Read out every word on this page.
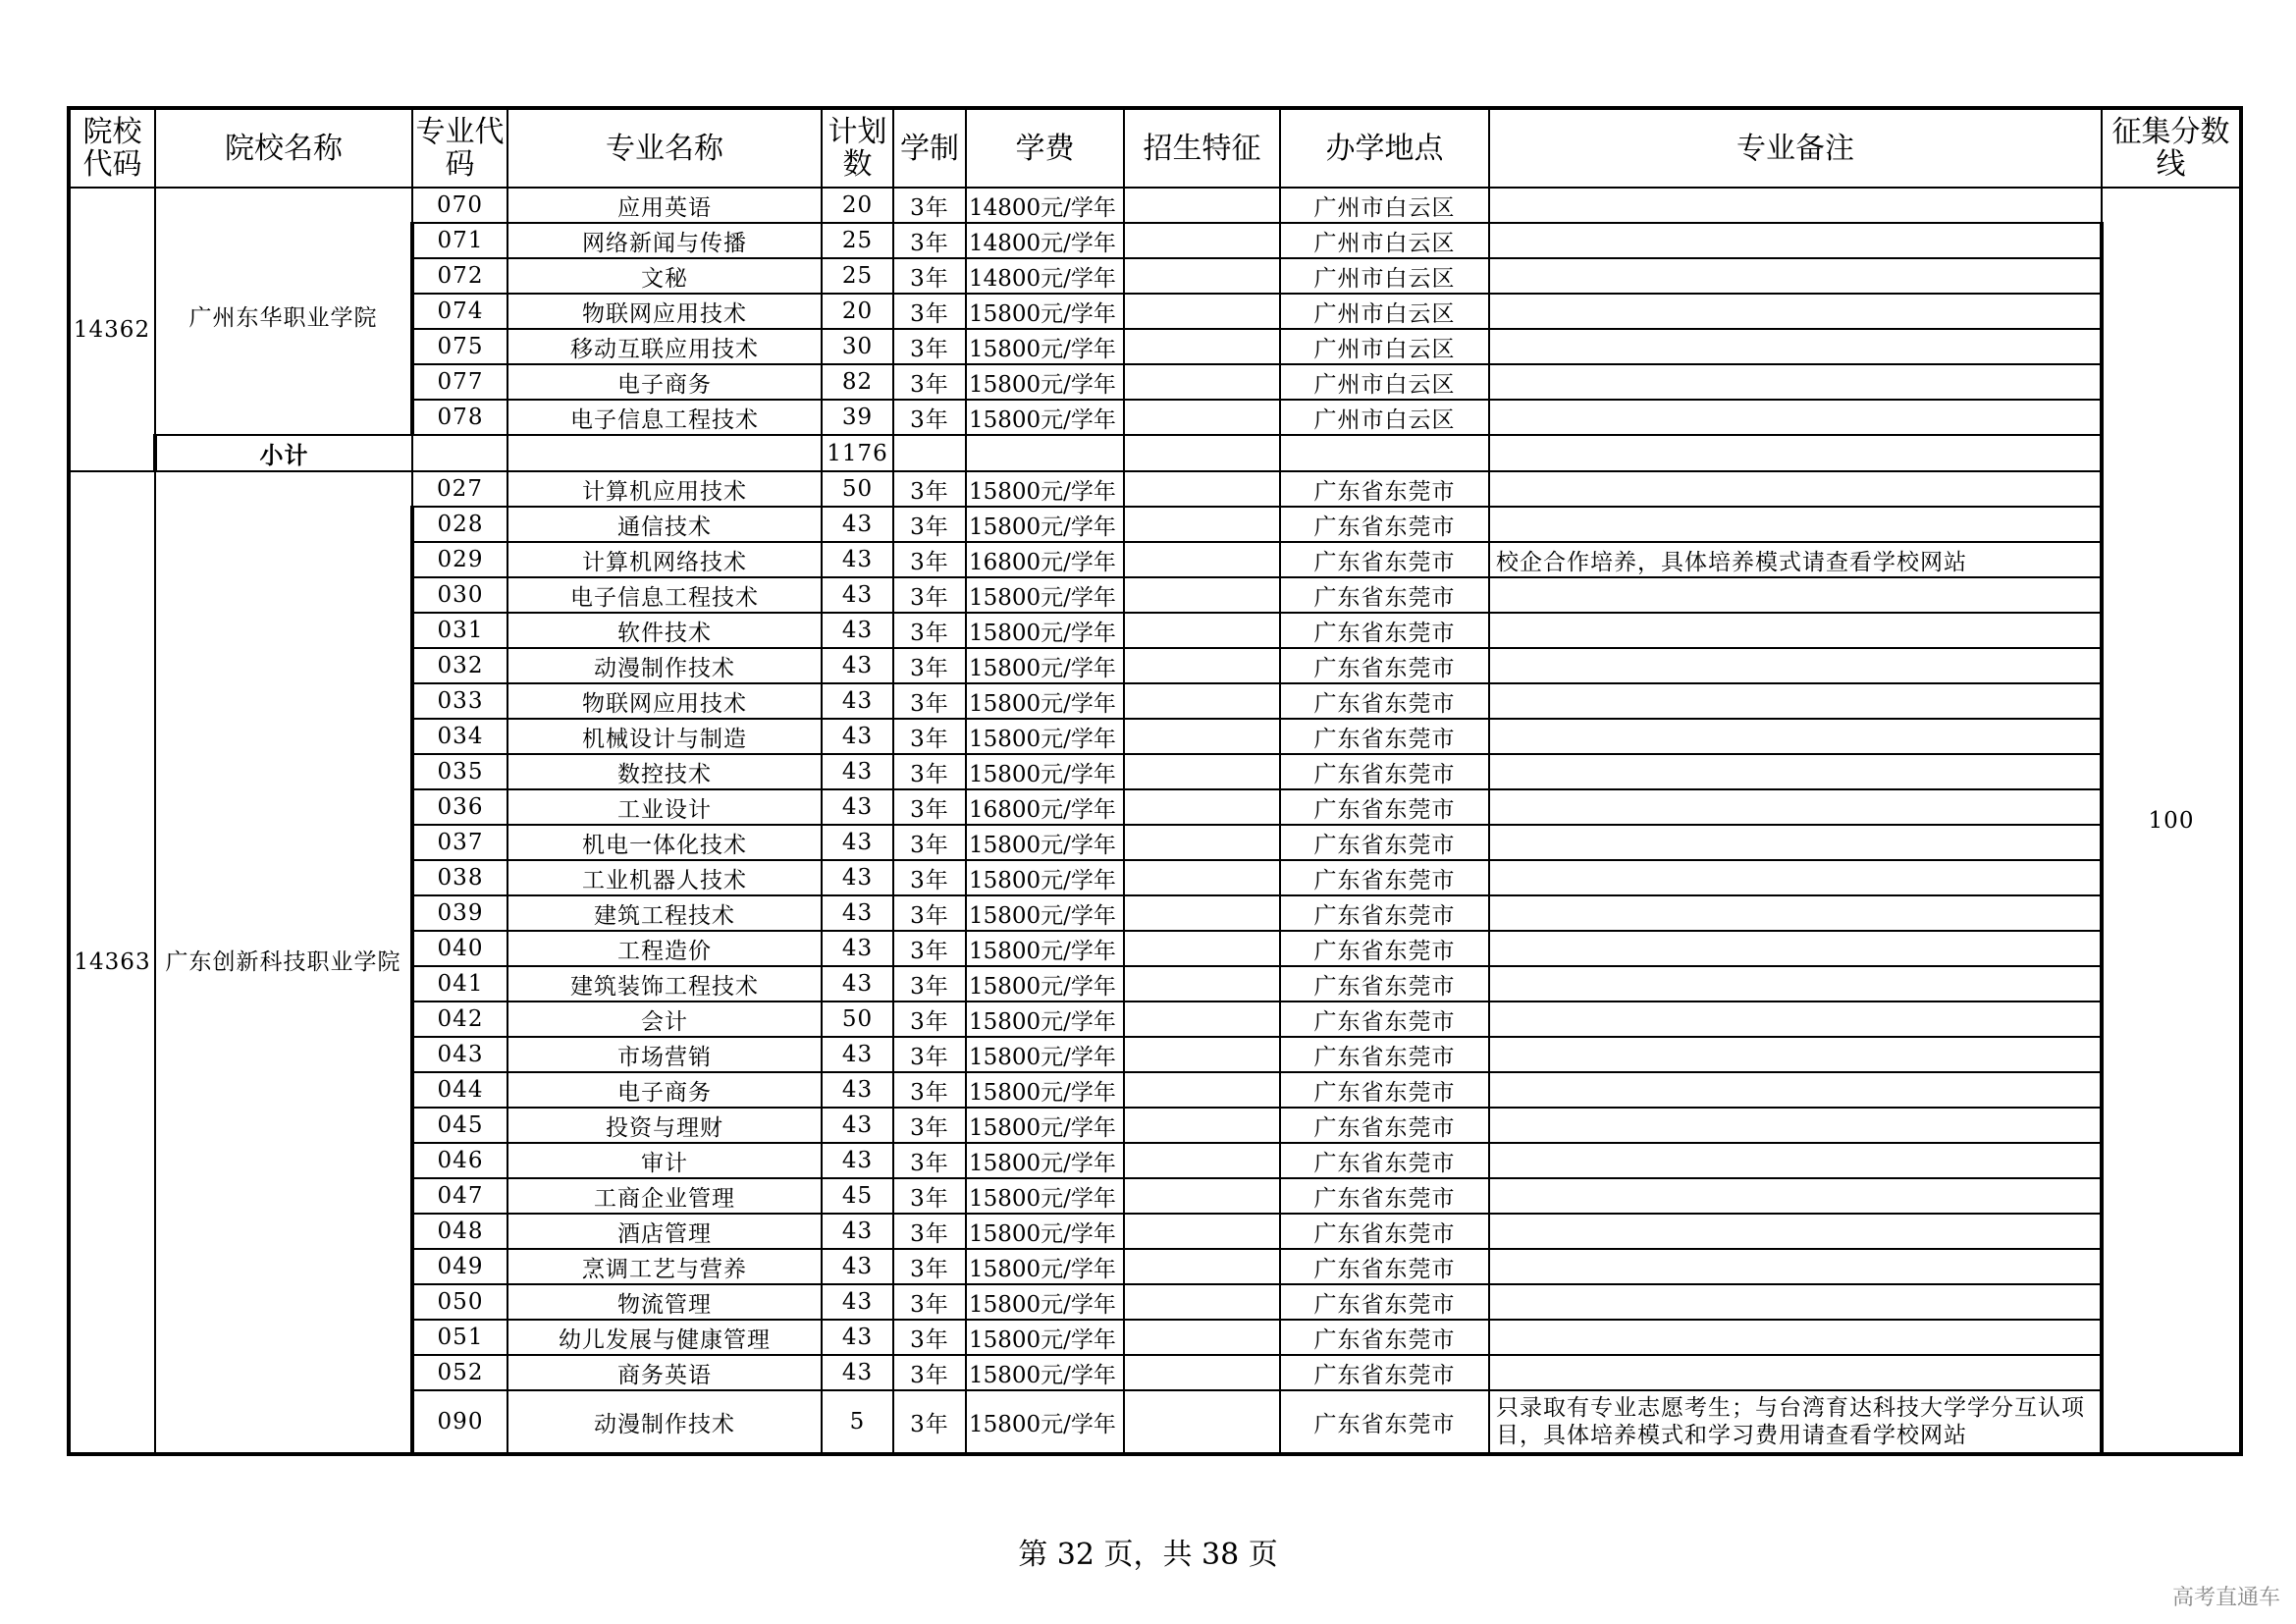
院校代码	院校名称	专业代码	专业名称	计划数	学制	学费	招生特征	办学地点	专业备注	征集分数线
14362	广州东华职业学院	070	应用英语	20	3年	14800元/学年		广州市白云区		100
		071	网络新闻与传播	25	3年	14800元/学年		广州市白云区		
		072	文秘	25	3年	14800元/学年		广州市白云区		
		074	物联网应用技术	20	3年	15800元/学年		广州市白云区		
		075	移动互联应用技术	30	3年	15800元/学年		广州市白云区		
		077	电子商务	82	3年	15800元/学年		广州市白云区		
		078	电子信息工程技术	39	3年	15800元/学年		广州市白云区		
	小计			1176						
14363	广东创新科技职业学院	027	计算机应用技术	50	3年	15800元/学年		广东省东莞市		
		028	通信技术	43	3年	15800元/学年		广东省东莞市		
		029	计算机网络技术	43	3年	16800元/学年		广东省东莞市	校企合作培养，具体培养模式请查看学校网站	
		030	电子信息工程技术	43	3年	15800元/学年		广东省东莞市		
		031	软件技术	43	3年	15800元/学年		广东省东莞市		
		032	动漫制作技术	43	3年	15800元/学年		广东省东莞市		
		033	物联网应用技术	43	3年	15800元/学年		广东省东莞市		
		034	机械设计与制造	43	3年	15800元/学年		广东省东莞市		
		035	数控技术	43	3年	15800元/学年		广东省东莞市		
		036	工业设计	43	3年	16800元/学年		广东省东莞市		
		037	机电一体化技术	43	3年	15800元/学年		广东省东莞市		
		038	工业机器人技术	43	3年	15800元/学年		广东省东莞市		
		039	建筑工程技术	43	3年	15800元/学年		广东省东莞市		
		040	工程造价	43	3年	15800元/学年		广东省东莞市		
		041	建筑装饰工程技术	43	3年	15800元/学年		广东省东莞市		
		042	会计	50	3年	15800元/学年		广东省东莞市		
		043	市场营销	43	3年	15800元/学年		广东省东莞市		
		044	电子商务	43	3年	15800元/学年		广东省东莞市		
		045	投资与理财	43	3年	15800元/学年		广东省东莞市		
		046	审计	43	3年	15800元/学年		广东省东莞市		
		047	工商企业管理	45	3年	15800元/学年		广东省东莞市		
		048	酒店管理	43	3年	15800元/学年		广东省东莞市		
		049	烹调工艺与营养	43	3年	15800元/学年		广东省东莞市		
		050	物流管理	43	3年	15800元/学年		广东省东莞市		
		051	幼儿发展与健康管理	43	3年	15800元/学年		广东省东莞市		
		052	商务英语	43	3年	15800元/学年		广东省东莞市		
		090	动漫制作技术	5	3年	15800元/学年		广东省东莞市	只录取有专业志愿考生；与台湾育达科技大学学分互认项目，具体培养模式和学习费用请查看学校网站	
第 32 页，共 38 页
高考直通车
